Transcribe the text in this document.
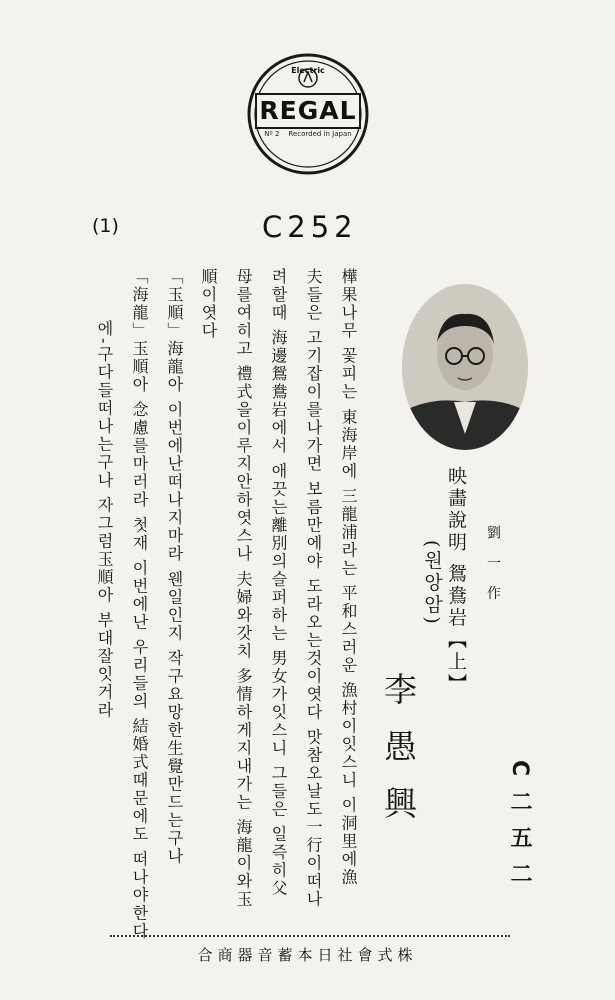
Electric
REGAL
Nº 2 Recorded in Japan
(1)	C252
C二五二
劉 一 作
映畵說明 鴛鴦岩【上】
(원앙암)
李愚興
樺果나무 꽃피는 東海岸에 三龍浦라는 平和스러운 漁村이잇스니 이洞里에漁
夫들은 고기잡이를나가면 보름만에야 도라오는것이엿다 맛참오날도一行이떠나
려할때 海邊鴛鴦岩에서 애끗는離別의슬퍼하는 男女가잇스니 그들은 일즉히父
母를여히고 禮式을이루지안하엿스나 夫婦와갓치 多情하게지내가는 海龍이와玉
順이엿다
「玉順」海龍아 이번에난떠나지마라 웬일인지 작구요망한生覺만드는구나
「海龍」玉順아 念慮를마러라 첫재 이번에난 우리들의 結婚式때문에도 떠나야한다
에-구다들떠나는구나 자그럼玉順아 부대잘잇거라
合商器音蓄本日社會式株
